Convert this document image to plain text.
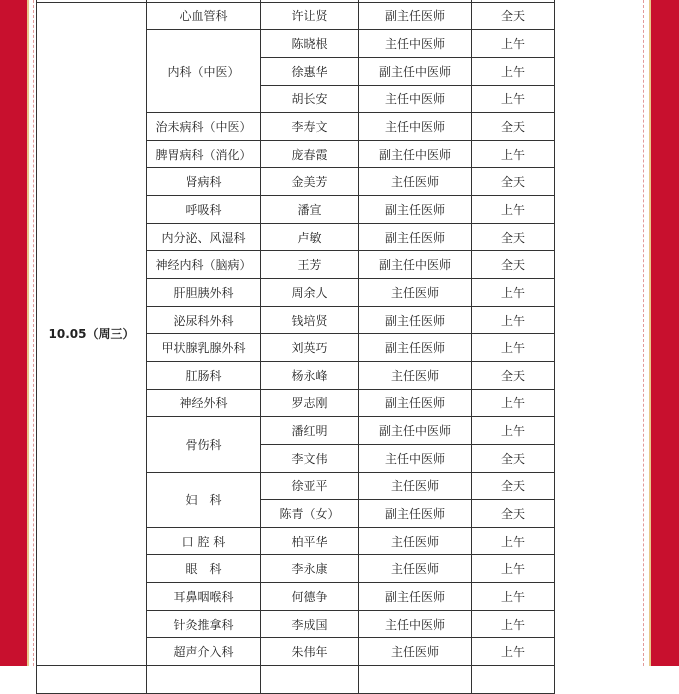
10.05（周三）	心血管科	许让贤	副主任医师	全天
	内科（中医）	陈晓根	主任中医师	上午
		徐惠华	副主任中医师	上午
		胡长安	主任中医师	上午
	治未病科（中医）	李寿文	主任中医师	全天
	脾胃病科（消化）	庞春霞	副主任中医师	上午
	肾病科	金美芳	主任医师	全天
	呼吸科	潘宣	副主任医师	上午
	内分泌、风湿科	卢敏	副主任医师	全天
	神经内科（脑病）	王芳	副主任中医师	全天
	肝胆胰外科	周余人	主任医师	上午
	泌尿科外科	钱培贤	副主任医师	上午
	甲状腺乳腺外科	刘英巧	副主任医师	上午
	肛肠科	杨永峰	主任医师	全天
	神经外科	罗志刚	副主任医师	上午
	骨伤科	潘红明	副主任中医师	上午
		李文伟	主任中医师	全天
	妇　科	徐亚平	主任医师	全天
		陈青（女）	副主任医师	全天
	口 腔 科	柏平华	主任医师	上午
	眼　科	李永康	主任医师	上午
	耳鼻咽喉科	何德争	副主任医师	上午
	针灸推拿科	李成国	主任中医师	上午
	超声介入科	朱伟年	主任医师	上午
